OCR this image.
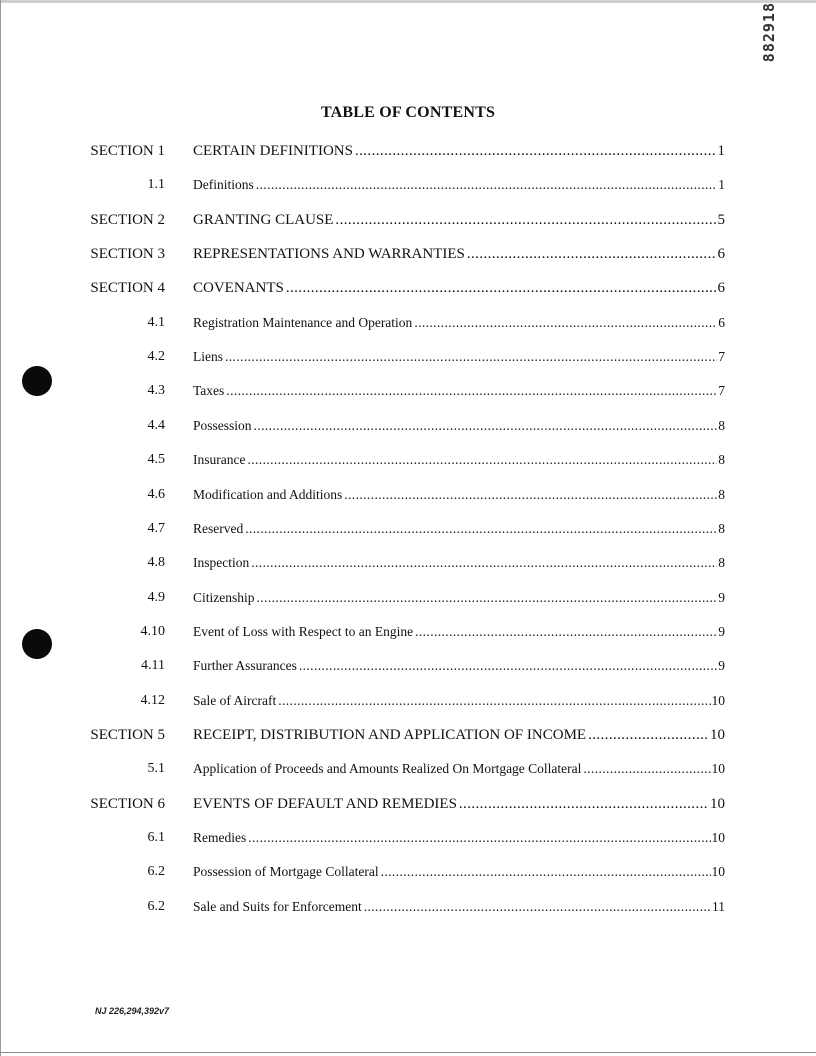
882918
TABLE OF CONTENTS
SECTION 1 CERTAIN DEFINITIONS .....	1
1.1 Definitions .....	1
SECTION 2 GRANTING CLAUSE .....	5
SECTION 3 REPRESENTATIONS AND WARRANTIES .....	6
SECTION 4 COVENANTS .....	6
4.1 Registration Maintenance and Operation .....	6
4.2 Liens .....	7
4.3 Taxes .....	7
4.4 Possession .....	8
4.5 Insurance .....	8
4.6 Modification and Additions .....	8
4.7 Reserved .....	8
4.8 Inspection .....	8
4.9 Citizenship .....	9
4.10 Event of Loss with Respect to an Engine .....	9
4.11 Further Assurances .....	9
4.12 Sale of Aircraft .....	10
SECTION 5 RECEIPT, DISTRIBUTION AND APPLICATION OF INCOME .....	10
5.1 Application of Proceeds and Amounts Realized On Mortgage Collateral .....	10
SECTION 6 EVENTS OF DEFAULT AND REMEDIES .....	10
6.1 Remedies .....	10
6.2 Possession of Mortgage Collateral .....	10
6.2 Sale and Suits for Enforcement .....	11
NJ 226,294,392v7
